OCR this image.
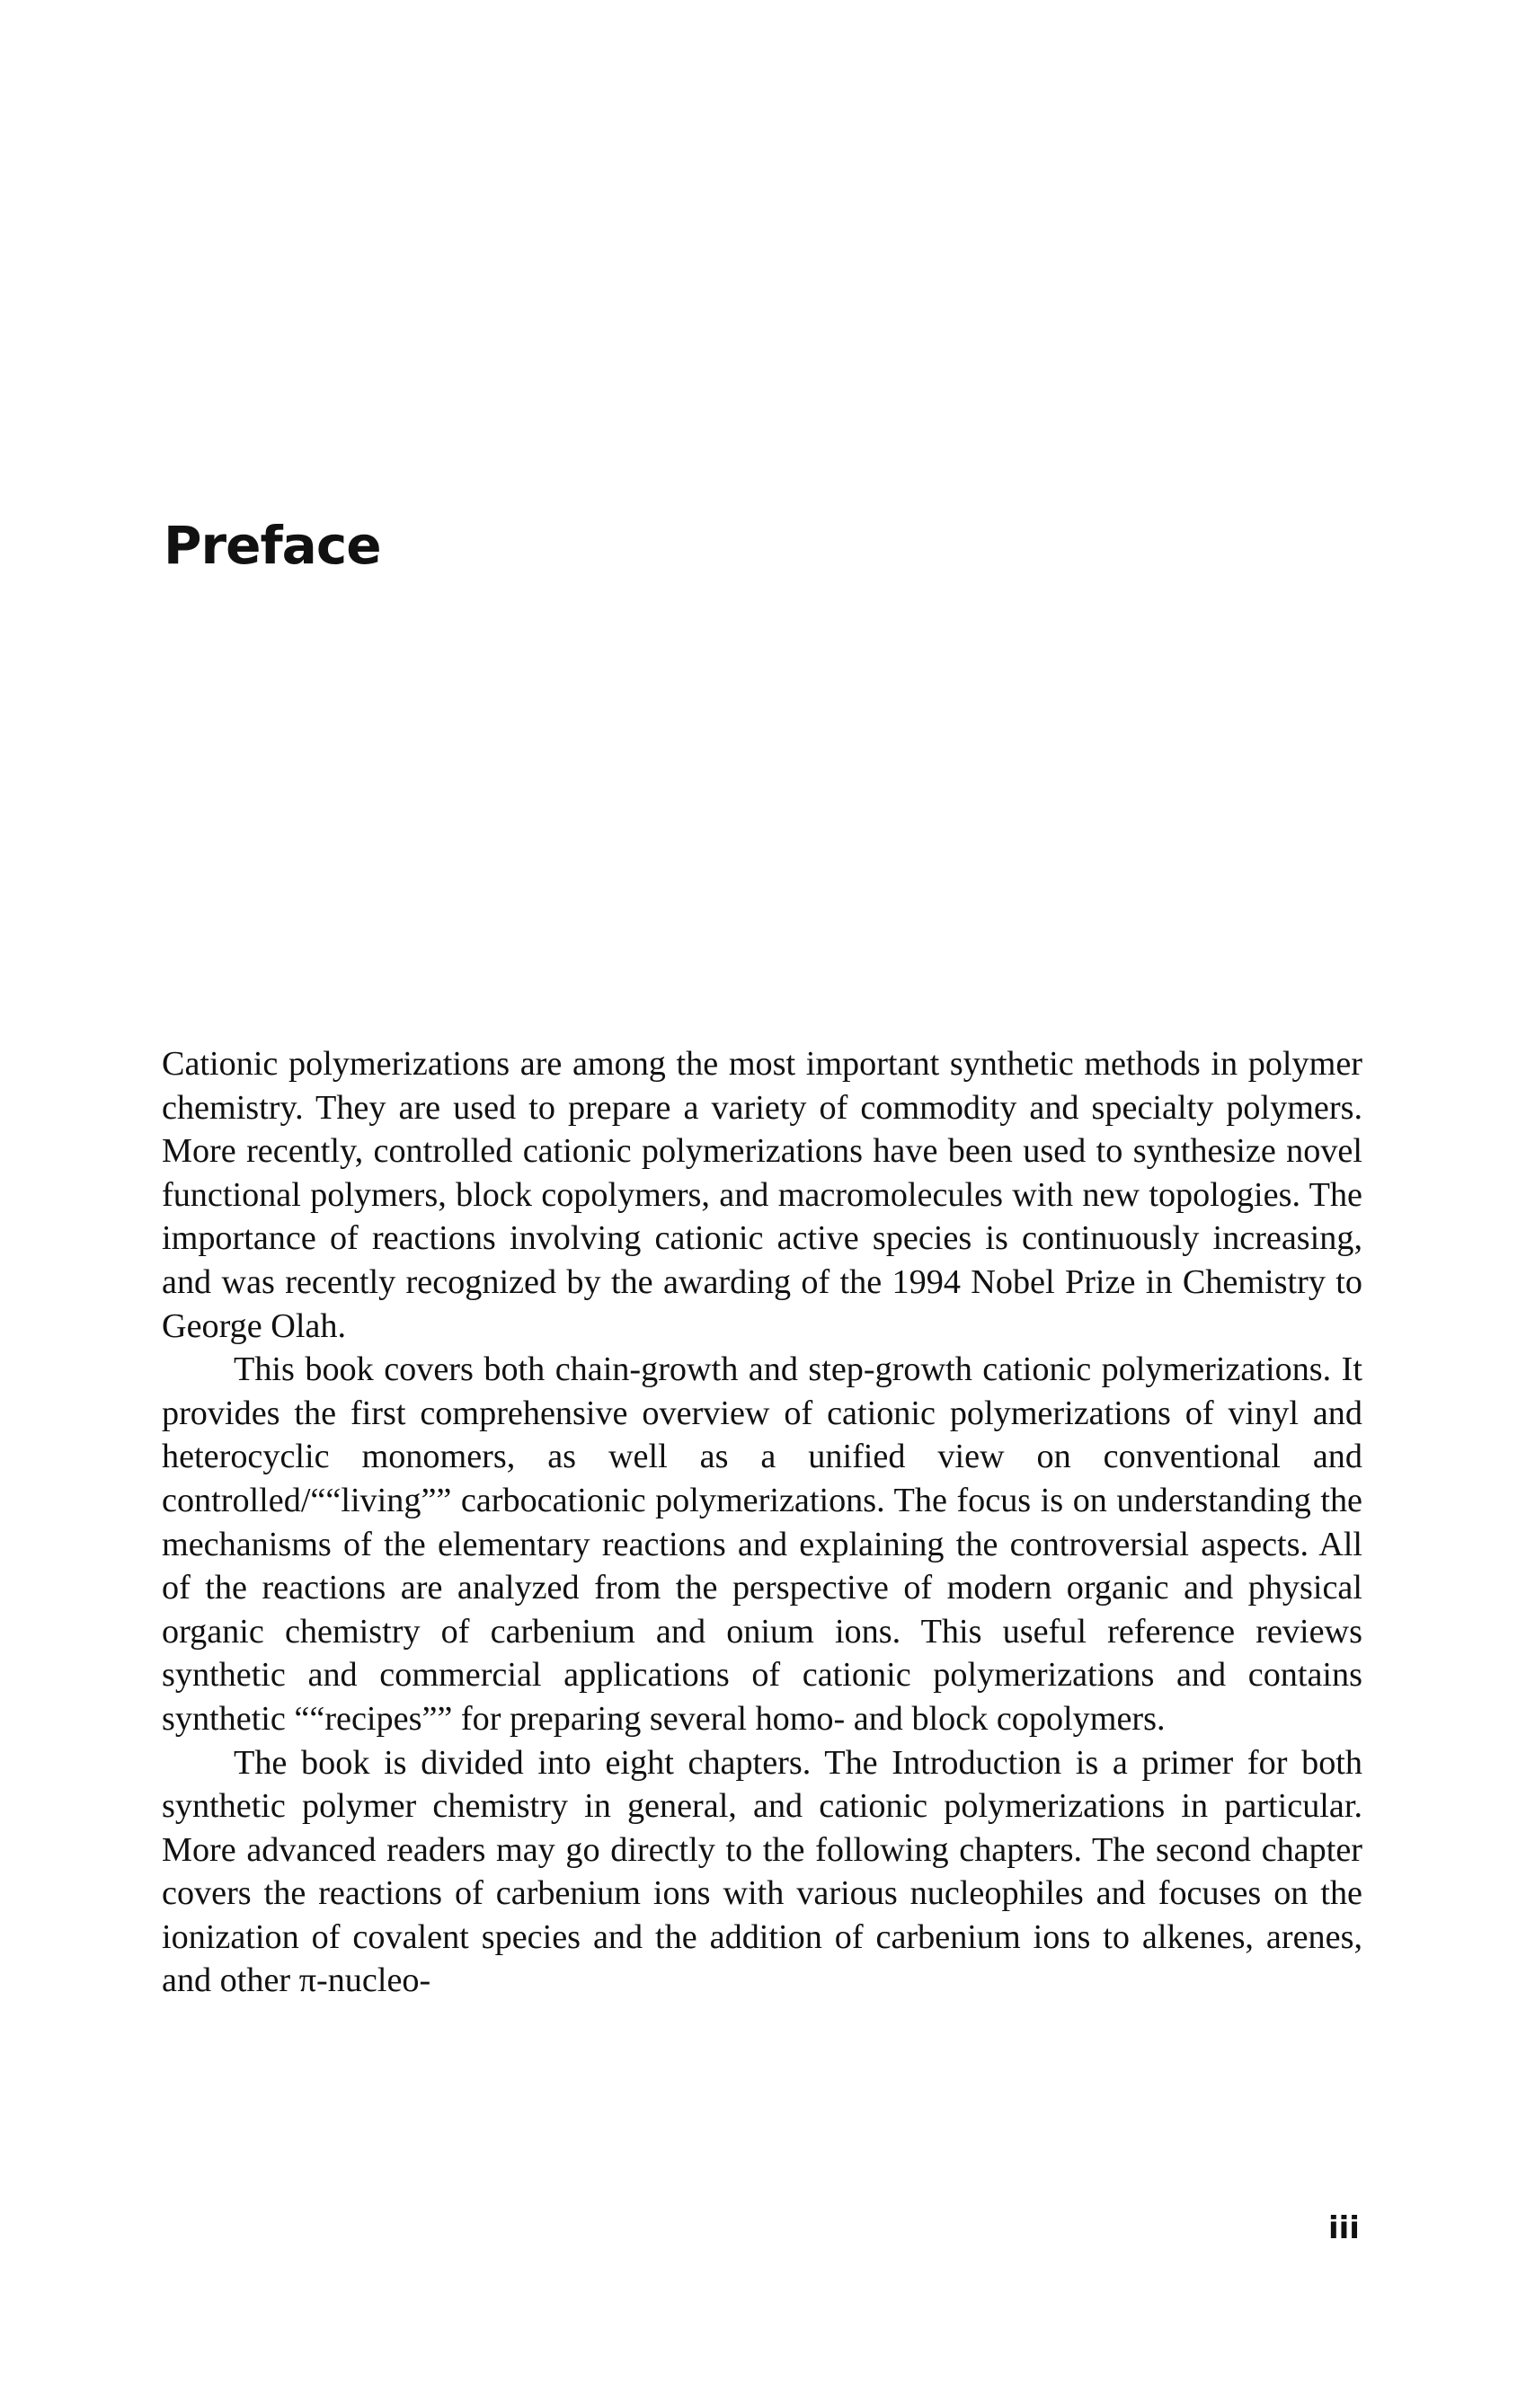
Preface

Cationic polymerizations are among the most important synthetic methods in polymer chemistry. They are used to prepare a variety of commodity and specialty polymers. More recently, controlled cationic polymerizations have been used to synthesize novel functional polymers, block copolymers, and macromolecules with new topologies. The importance of reactions involving cationic active species is continuously increasing, and was recently recognized by the awarding of the 1994 Nobel Prize in Chemistry to George Olah.

This book covers both chain-growth and step-growth cationic polymerizations. It provides the first comprehensive overview of cationic polymerizations of vinyl and heterocyclic monomers, as well as a unified view on conventional and controlled/““living”” carbocationic polymerizations. The focus is on understanding the mechanisms of the elementary reactions and explaining the controversial aspects. All of the reactions are analyzed from the perspective of modern organic and physical organic chemistry of carbenium and onium ions. This useful reference reviews synthetic and commercial applications of cationic polymerizations and contains synthetic ““recipes”” for preparing several homo- and block copolymers.

The book is divided into eight chapters. The Introduction is a primer for both synthetic polymer chemistry in general, and cationic polymerizations in particular. More advanced readers may go directly to the following chapters. The second chapter covers the reactions of carbenium ions with various nucleophiles and focuses on the ionization of covalent species and the addition of carbenium ions to alkenes, arenes, and other π-nucleo-

iii
